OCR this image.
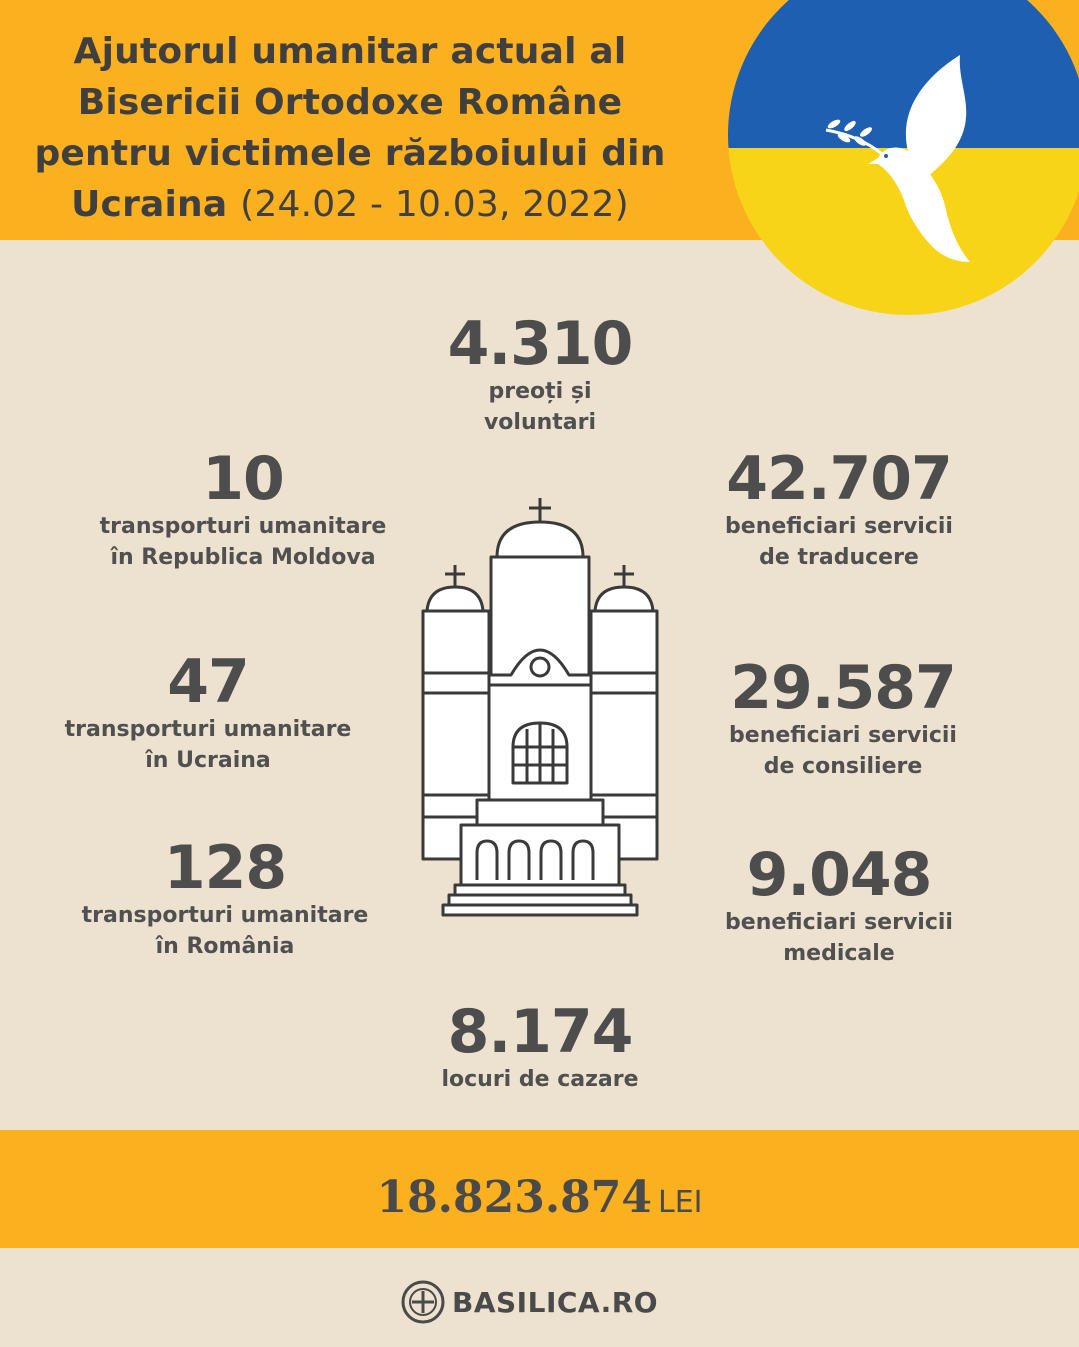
Ajutorul umanitar actual al Bisericii Ortodoxe Române pentru victimele războiului din Ucraina (24.02 - 10.03, 2022)
4.310
preoți și
voluntari
10
transporturi umanitare
în Republica Moldova
47
transporturi umanitare
în Ucraina
128
transporturi umanitare
în România
42.707
beneficiari servicii
de traducere
29.587
beneficiari servicii
de consiliere
9.048
beneficiari servicii
medicale
8.174
locuri de cazare
18.823.874 LEI
BASILICA.RO
